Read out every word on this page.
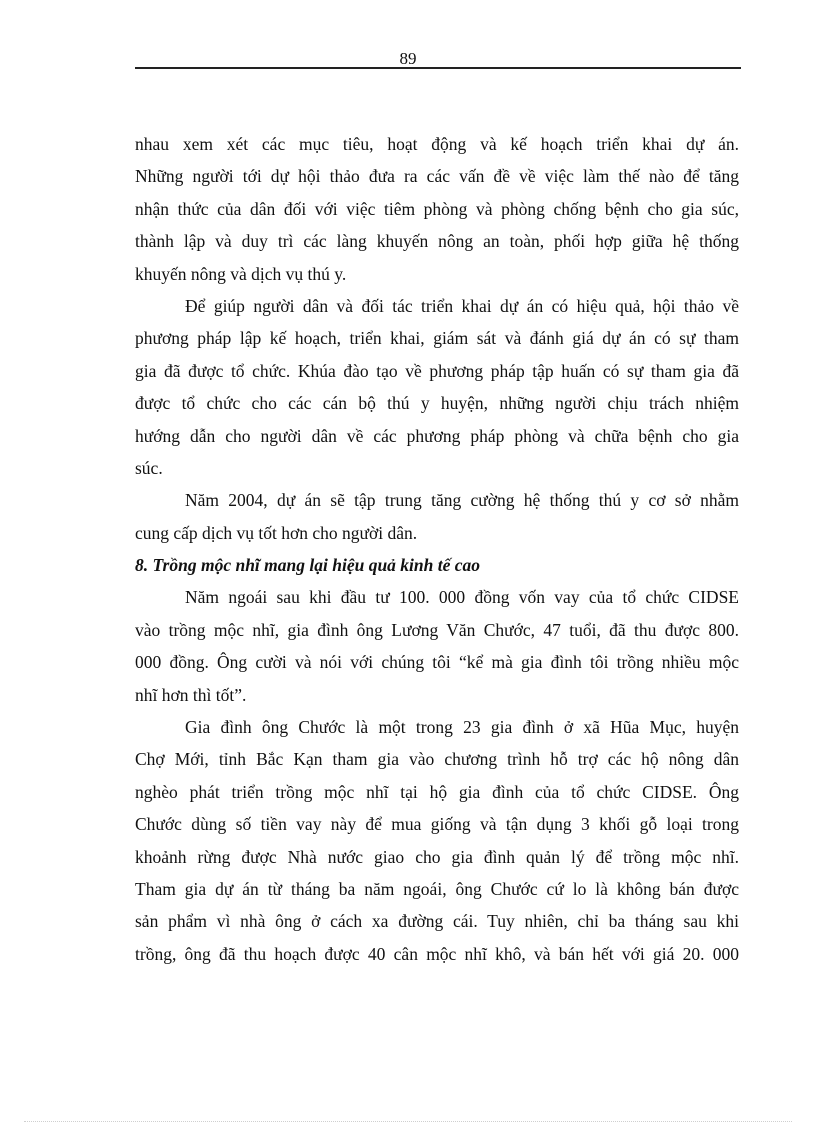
89
nhau xem xét các mục tiêu, hoạt động và kế hoạch triển khai dự án.
Những người tới dự hội thảo đưa ra các vấn đề về việc làm thế nào để tăng
nhận thức của dân đối với việc tiêm phòng và phòng chống bệnh cho gia súc,
thành lập và duy trì các làng khuyến nông an toàn, phối hợp giữa hệ thống
khuyến nông và dịch vụ thú y.
Để giúp người dân và đối tác triển khai dự án có hiệu quả, hội thảo về
phương pháp lập kế hoạch, triển khai, giám sát và đánh giá dự án có sự tham
gia đã được tổ chức. Khúa đào tạo về phương pháp tập huấn có sự tham gia đã
được tổ chức cho các cán bộ thú y huyện, những người chịu trách nhiệm
hướng dẫn cho người dân về các phương pháp phòng và chữa bệnh cho gia
súc.
Năm 2004, dự án sẽ tập trung tăng cường hệ thống thú y cơ sở nhằm
cung cấp dịch vụ tốt hơn cho người dân.
8. Trồng mộc nhĩ mang lại hiệu quả kinh tế cao
Năm ngoái sau khi đầu tư 100. 000 đồng vốn vay của tổ chức CIDSE
vào trồng mộc nhĩ, gia đình ông Lương Văn Chước, 47 tuổi, đã thu được 800.
000 đồng. Ông cười và nói với chúng tôi “kể mà gia đình tôi trồng nhiều mộc
nhĩ hơn thì tốt”.
Gia đình ông Chước là một trong 23 gia đình ở xã Hũa Mục, huyện
Chợ Mới, tỉnh Bắc Kạn tham gia vào chương trình hỗ trợ các hộ nông dân
nghèo phát triển trồng mộc nhĩ tại hộ gia đình của tổ chức CIDSE. Ông
Chước dùng số tiền vay này để mua giống và tận dụng 3 khối gỗ loại trong
khoảnh rừng được Nhà nước giao cho gia đình quản lý để trồng mộc nhĩ.
Tham gia dự án từ tháng ba năm ngoái, ông Chước cứ lo là không bán được
sản phẩm vì nhà ông ở cách xa đường cái. Tuy nhiên, chỉ ba tháng sau khi
trồng, ông đã thu hoạch được 40 cân mộc nhĩ khô, và bán hết với giá 20. 000
